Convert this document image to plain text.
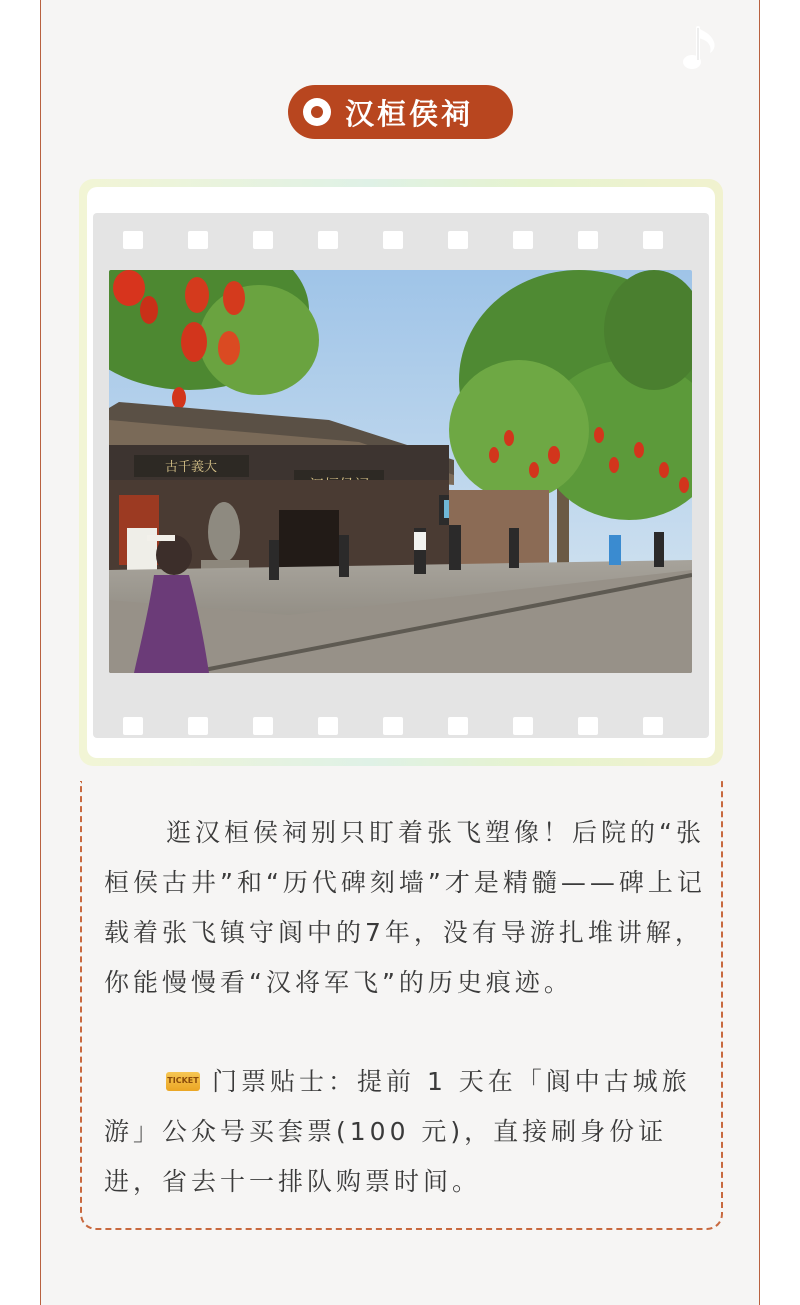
汉桓侯祠
古千義大

逛汉桓侯祠别只盯着张飞塑像！后院的“张桓侯古井”和“历代碑刻墙”才是精髓——碑上记载着张飞镇守阆中的7年，没有导游扎堆讲解，你能慢慢看“汉将军飞”的历史痕迹。

TICKET 门票贴士：提前 1 天在「阆中古城旅游」公众号买套票(100 元)，直接刷身份证进，省去十一排队购票时间。
